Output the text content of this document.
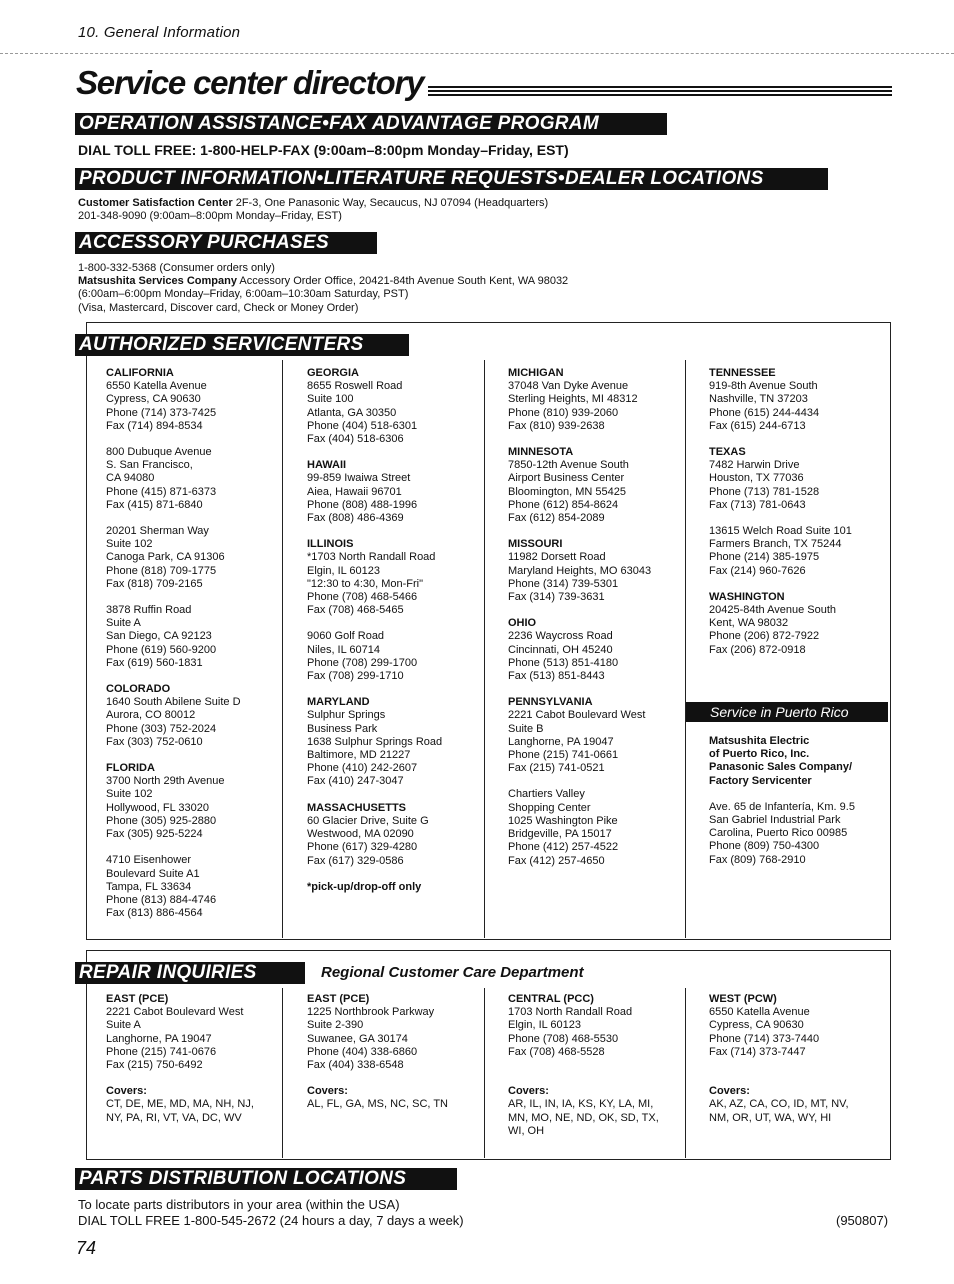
10. General Information
Service center directory
OPERATION ASSISTANCE•FAX ADVANTAGE PROGRAM
DIAL TOLL FREE: 1-800-HELP-FAX (9:00am–8:00pm Monday–Friday, EST)
PRODUCT INFORMATION•LITERATURE REQUESTS•DEALER LOCATIONS
Customer Satisfaction Center 2F-3, One Panasonic Way, Secaucus, NJ 07094 (Headquarters)
201-348-9090 (9:00am–8:00pm Monday–Friday, EST)
ACCESSORY PURCHASES
1-800-332-5368 (Consumer orders only)
Matsushita Services Company Accessory Order Office, 20421-84th Avenue South Kent, WA 98032
(6:00am–6:00pm Monday–Friday, 6:00am–10:30am Saturday, PST)
(Visa, Mastercard, Discover card, Check or Money Order)
AUTHORIZED SERVICENTERS
CALIFORNIA
6550 Katella Avenue
Cypress, CA 90630
Phone (714) 373-7425
Fax (714) 894-8534
800 Dubuque Avenue
S. San Francisco,
CA 94080
Phone (415) 871-6373
Fax (415) 871-6840
20201 Sherman Way
Suite 102
Canoga Park, CA 91306
Phone (818) 709-1775
Fax (818) 709-2165
3878 Ruffin Road
Suite A
San Diego, CA 92123
Phone (619) 560-9200
Fax (619) 560-1831
COLORADO
1640 South Abilene Suite D
Aurora, CO 80012
Phone (303) 752-2024
Fax (303) 752-0610
FLORIDA
3700 North 29th Avenue
Suite 102
Hollywood, FL 33020
Phone (305) 925-2880
Fax (305) 925-5224
4710 Eisenhower
Boulevard Suite A1
Tampa, FL 33634
Phone (813) 884-4746
Fax (813) 886-4564
GEORGIA
8655 Roswell Road
Suite 100
Atlanta, GA 30350
Phone (404) 518-6301
Fax (404) 518-6306
HAWAII
99-859 Iwaiwa Street
Aiea, Hawaii 96701
Phone (808) 488-1996
Fax (808) 486-4369
ILLINOIS
*1703 North Randall Road
Elgin, IL 60123
"12:30 to 4:30, Mon-Fri"
Phone (708) 468-5466
Fax (708) 468-5465
9060 Golf Road
Niles, IL 60714
Phone (708) 299-1700
Fax (708) 299-1710
MARYLAND
Sulphur Springs
Business Park
1638 Sulphur Springs Road
Baltimore, MD 21227
Phone (410) 242-2607
Fax (410) 247-3047
MASSACHUSETTS
60 Glacier Drive, Suite G
Westwood, MA 02090
Phone (617) 329-4280
Fax (617) 329-0586
*pick-up/drop-off only
MICHIGAN
37048 Van Dyke Avenue
Sterling Heights, MI 48312
Phone (810) 939-2060
Fax (810) 939-2638
MINNESOTA
7850-12th Avenue South
Airport Business Center
Bloomington, MN 55425
Phone (612) 854-8624
Fax (612) 854-2089
MISSOURI
11982 Dorsett Road
Maryland Heights, MO 63043
Phone (314) 739-5301
Fax (314) 739-3631
OHIO
2236 Waycross Road
Cincinnati, OH 45240
Phone (513) 851-4180
Fax (513) 851-8443
PENNSYLVANIA
2221 Cabot Boulevard West
Suite B
Langhorne, PA 19047
Phone (215) 741-0661
Fax (215) 741-0521
Chartiers Valley
Shopping Center
1025 Washington Pike
Bridgeville, PA 15017
Phone (412) 257-4522
Fax (412) 257-4650
TENNESSEE
919-8th Avenue South
Nashville, TN 37203
Phone (615) 244-4434
Fax (615) 244-6713
TEXAS
7482 Harwin Drive
Houston, TX 77036
Phone (713) 781-1528
Fax (713) 781-0643
13615 Welch Road Suite 101
Farmers Branch, TX 75244
Phone (214) 385-1975
Fax (214) 960-7626
WASHINGTON
20425-84th Avenue South
Kent, WA 98032
Phone (206) 872-7922
Fax (206) 872-0918
Service in Puerto Rico
Matsushita Electric
of Puerto Rico, Inc.
Panasonic Sales Company/
Factory Servicenter
Ave. 65 de Infantería, Km. 9.5
San Gabriel Industrial Park
Carolina, Puerto Rico 00985
Phone (809) 750-4300
Fax (809) 768-2910
REPAIR INQUIRIES	Regional Customer Care Department
EAST (PCE)
2221 Cabot Boulevard West
Suite A
Langhorne, PA 19047
Phone (215) 741-0676
Fax (215) 750-6492
Covers:
CT, DE, ME, MD, MA, NH, NJ,
NY, PA, RI, VT, VA, DC, WV
EAST (PCE)
1225 Northbrook Parkway
Suite 2-390
Suwanee, GA 30174
Phone (404) 338-6860
Fax (404) 338-6548
Covers:
AL, FL, GA, MS, NC, SC, TN
CENTRAL (PCC)
1703 North Randall Road
Elgin, IL 60123
Phone (708) 468-5530
Fax (708) 468-5528
Covers:
AR, IL, IN, IA, KS, KY, LA, MI,
MN, MO, NE, ND, OK, SD, TX,
WI, OH
WEST (PCW)
6550 Katella Avenue
Cypress, CA 90630
Phone (714) 373-7440
Fax (714) 373-7447
Covers:
AK, AZ, CA, CO, ID, MT, NV,
NM, OR, UT, WA, WY, HI
PARTS DISTRIBUTION LOCATIONS
To locate parts distributors in your area (within the USA)
DIAL TOLL FREE 1-800-545-2672 (24 hours a day, 7 days a week)	(950807)
74
